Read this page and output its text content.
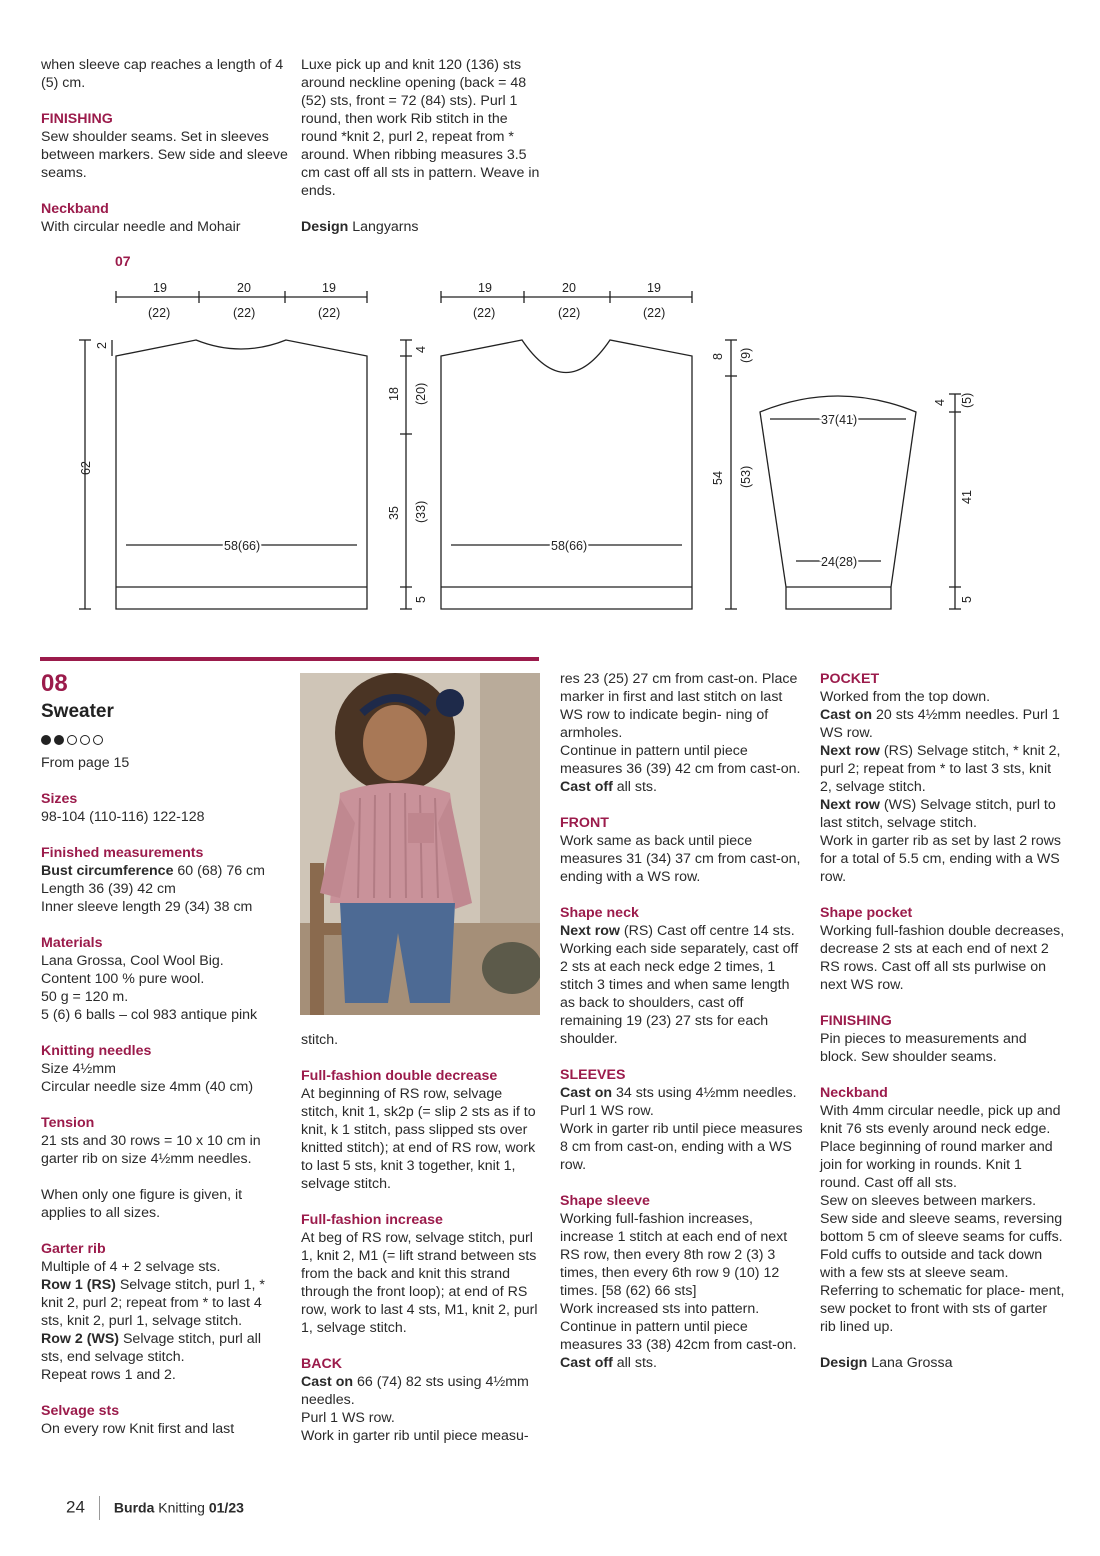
when sleeve cap reaches a length of 4 (5) cm.

FINISHING

Sew shoulder seams. Set in sleeves between markers. Sew side and sleeve seams.

Neckband

With circular needle and Mohair

Luxe pick up and knit 120 (136) sts around neckline opening (back = 48 (52) sts, front = 72 (84) sts). Purl 1 round, then work Rib stitch in the round *knit 2, purl 2, repeat from * around. When ribbing measures 3.5 cm cast off all sts in pattern. Weave in ends.

Design Langyarns

07
19	20	19
(22)	(22)	(22)
2
62
58(66)
19	20	19
(22)	(22)	(22)
4
18 (20)
35 (33)
5
8 (9)
54 (53)
58(66)
37(41)
24(28)
4 (5)
41
5
08
Sweater

From page 15

Sizes

98-104 (110-116) 122-128

Finished measurements

Bust circumference 60 (68) 76 cm

Length 36 (39) 42 cm

Inner sleeve length 29 (34) 38 cm

Materials

Lana Grossa, Cool Wool Big.

Content 100 % pure wool.

50 g = 120 m.

5 (6) 6 balls – col 983 antique pink

Knitting needles

Size 4½mm

Circular needle size 4mm (40 cm)

Tension

21 sts and 30 rows = 10 x 10 cm in garter rib on size 4½mm needles.

When only one figure is given, it applies to all sizes.

Garter rib

Multiple of 4 + 2 selvage sts.

Row 1 (RS) Selvage stitch, purl 1, * knit 2, purl 2; repeat from * to last 4 sts, knit 2, purl 1, selvage stitch.

Row 2 (WS) Selvage stitch, purl all sts, end selvage stitch.

Repeat rows 1 and 2.

Selvage sts

On every row Knit first and last

stitch.

Full-fashion double decrease

At beginning of RS row, selvage stitch, knit 1, sk2p (= slip 2 sts as if to knit, k 1 stitch, pass slipped sts over knitted stitch); at end of RS row, work to last 5 sts, knit 3 together, knit 1, selvage stitch.

Full-fashion increase

At beg of RS row, selvage stitch, purl 1, knit 2, M1 (= lift strand between sts from the back and knit this strand through the front loop); at end of RS row, work to last 4 sts, M1, knit 2, purl 1, selvage stitch.

BACK

Cast on 66 (74) 82 sts using 4½mm needles.

Purl 1 WS row.

Work in garter rib until piece measu-

res 23 (25) 27 cm from cast-on. Place marker in first and last stitch on last WS row to indicate begin- ning of armholes.

Continue in pattern until piece measures 36 (39) 42 cm from cast-on.

Cast off all sts.

FRONT

Work same as back until piece measures 31 (34) 37 cm from cast-on, ending with a WS row.

Shape neck

Next row (RS) Cast off centre 14 sts.

Working each side separately, cast off 2 sts at each neck edge 2 times, 1 stitch 3 times and when same length as back to shoulders, cast off remaining 19 (23) 27 sts for each shoulder.

SLEEVES

Cast on 34 sts using 4½mm needles.

Purl 1 WS row.

Work in garter rib until piece measures 8 cm from cast-on, ending with a WS row.

Shape sleeve

Working full-fashion increases, increase 1 stitch at each end of next RS row, then every 8th row 2 (3) 3 times, then every 6th row 9 (10) 12 times. [58 (62) 66 sts]

Work increased sts into pattern.

Continue in pattern until piece measures 33 (38) 42cm from cast-on.

Cast off all sts.

POCKET

Worked from the top down.

Cast on 20 sts 4½mm needles. Purl 1 WS row.

Next row (RS) Selvage stitch, * knit 2, purl 2; repeat from * to last 3 sts, knit 2, selvage stitch.

Next row (WS) Selvage stitch, purl to last stitch, selvage stitch.

Work in garter rib as set by last 2 rows for a total of 5.5 cm, ending with a WS row.

Shape pocket

Working full-fashion double decreases, decrease 2 sts at each end of next 2 RS rows. Cast off all sts purlwise on next WS row.

FINISHING

Pin pieces to measurements and block. Sew shoulder seams.

Neckband

With 4mm circular needle, pick up and knit 76 sts evenly around neck edge.

Place beginning of round marker and join for working in rounds. Knit 1 round. Cast off all sts.

Sew on sleeves between markers. Sew side and sleeve seams, reversing bottom 5 cm of sleeve seams for cuffs. Fold cuffs to outside and tack down with a few sts at sleeve seam.

Referring to schematic for place- ment, sew pocket to front with sts of garter rib lined up.

Design Lana Grossa

24 Burda Knitting 01/23
